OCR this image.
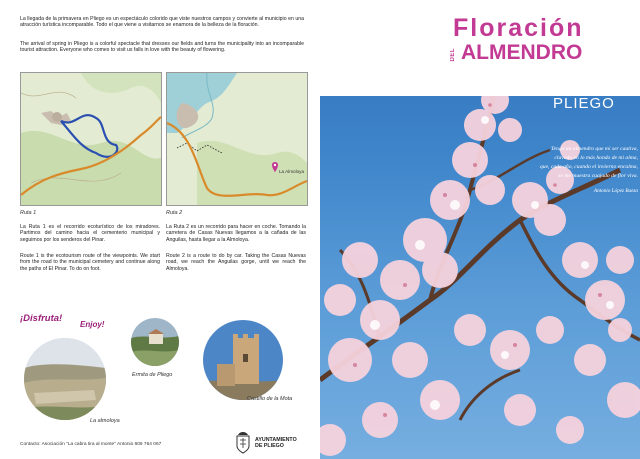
La llegada de la primavera en Pliego es un espectáculo colorido que viste nuestros campos y convierte al municipio en una atracción turística incomparable. Todo el que viene a visitarnos se enamora de la belleza de la floración.

The arrival of spring in Pliego is a colorful spectacle that dresses our fields and turns the municipality into an incomparable tourist attraction. Everyone who comes to visit us falls in love with the beauty of flowering.

Ruta 1
La Almoloya
Ruta 2

La Ruta 1 es el recorrido ecoturístico de los miradores. Partimos del camino hacia el cementerio municipal y seguimos por los senderos del Pinar.

Route 1 is the ecotourism route of the viewpoints. We start from the road to the municipal cemetery and continue along the paths of El Pinar. To do on foot.

La Ruta 2 es un recorrido para hacer en coche. Tomando la carretera de Casas Nuevas llegamos a la cañada de las Anguilas, hasta llegar a la Almoloya.

Route 2 is a route to do by car. Taking the Casas Nuevas road, we reach the Anguilas gorge, until we reach the Almoloya.

¡Disfruta!
Enjoy!
La almoloya
Ermita de Pliego
Castillo de la Mota
Contacto: Asociación "La cabra tira al monte" Antonio 606 764 067
AYUNTAMIENTO
DE PLIEGO
Floración
DEL ALMENDRO
PLIEGO

Tengo un almendro que mi ser cautiva,

clavado en lo más hondo de mi alma,

que, cada año, cuando el invierno encalma,

se me muestra cuajado de flor viva.

Antonio López Baeza
